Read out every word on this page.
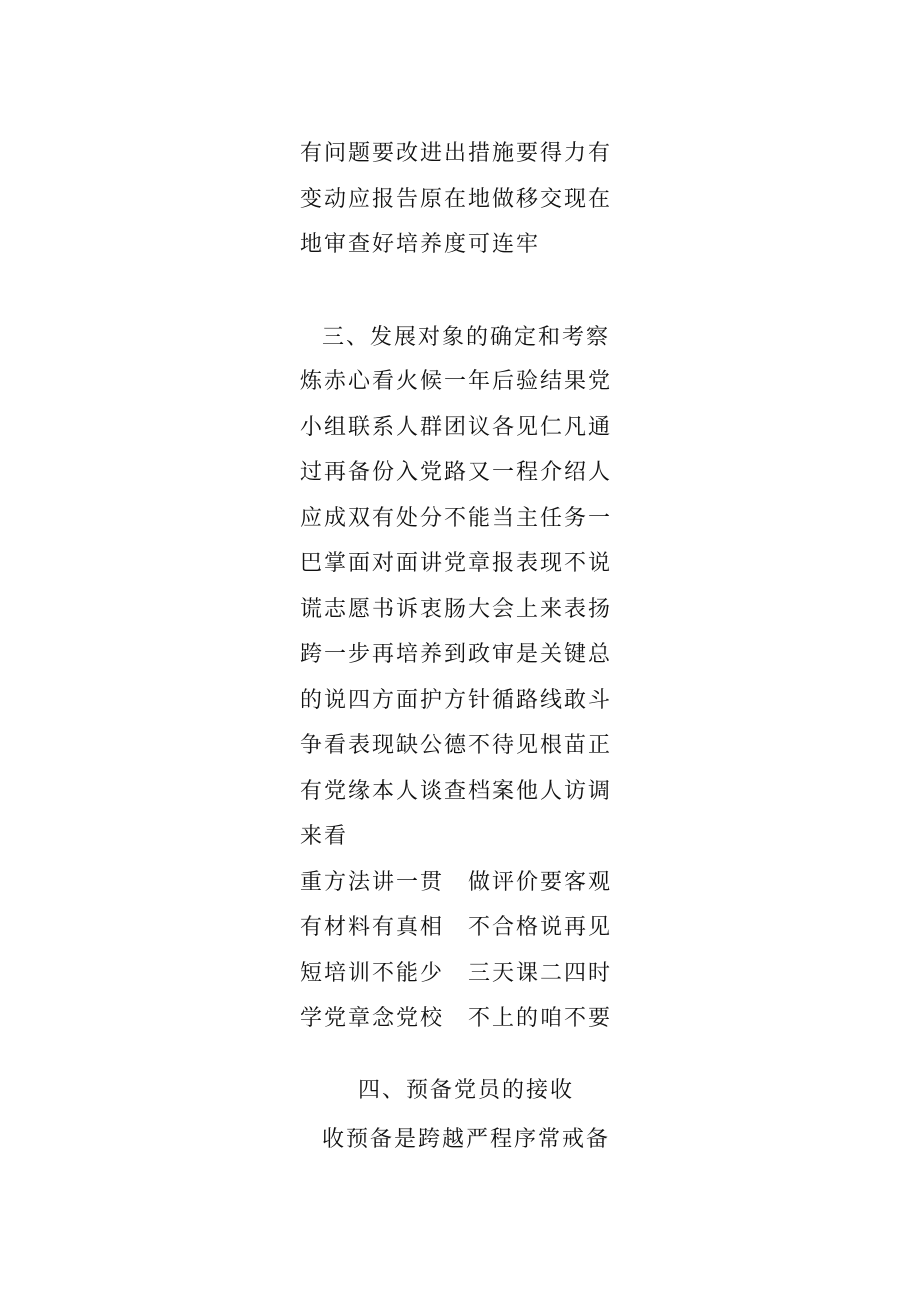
有问题要改进出措施要得力有
变动应报告原在地做移交现在
地审查好培养度可连牢
三、发展对象的确定和考察
炼赤心看火候一年后验结果党
小组联系人群团议各见仁凡通
过再备份入党路又一程介绍人
应成双有处分不能当主任务一
巴掌面对面讲党章报表现不说
谎志愿书诉衷肠大会上来表扬
跨一步再培养到政审是关键总
的说四方面护方针循路线敢斗
争看表现缺公德不待见根苗正
有党缘本人谈查档案他人访调
来看
重方法讲一贯 做评价要客观
有材料有真相 不合格说再见
短培训不能少 三天课二四时
学党章念党校 不上的咱不要
四、预备党员的接收
收预备是跨越严程序常戒备
